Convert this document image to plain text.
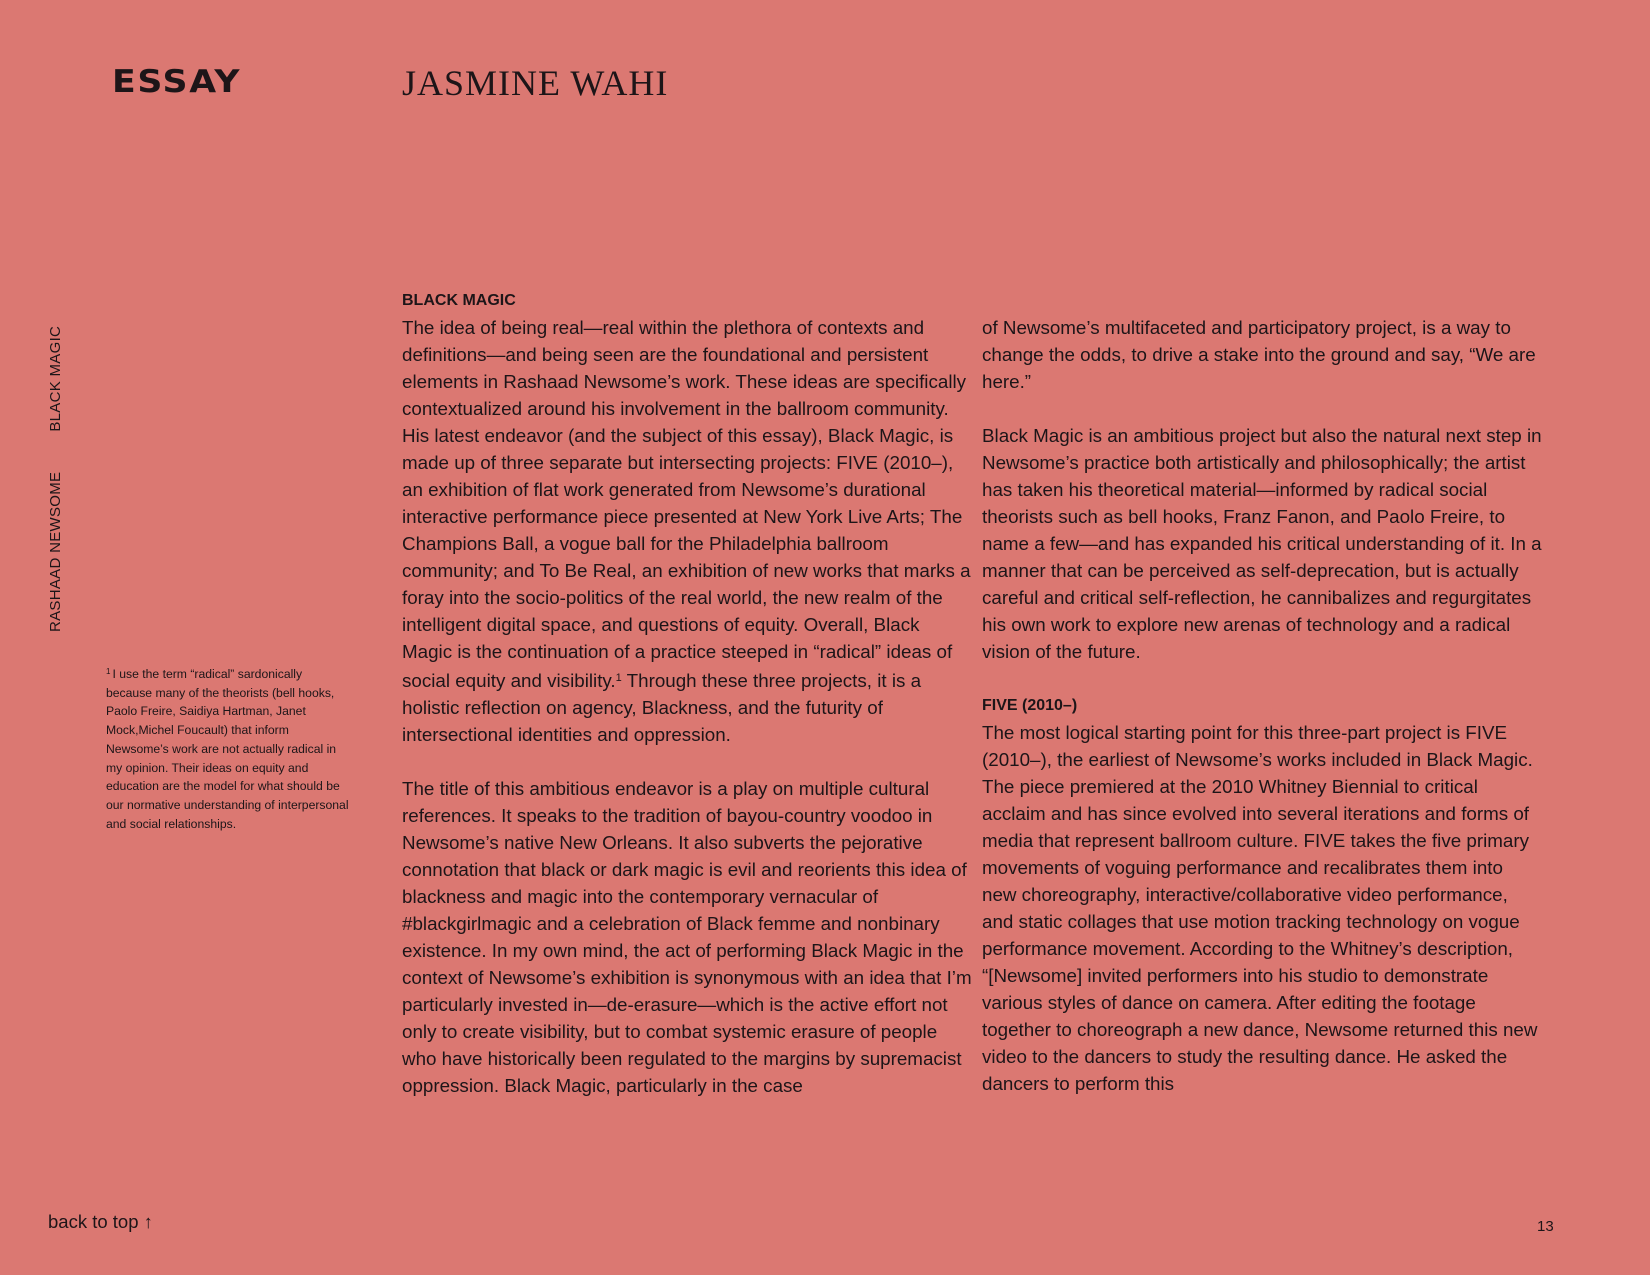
ESSAY	JASMINE WAHI
RASHAAD NEWSOME
BLACK MAGIC

$^1$ I use the term “radical” sardonically because many of the theorists (bell hooks, Paolo Freire, Saidiya Hartman, Janet Mock,Michel Foucault) that inform Newsome’s work are not actually radical in my opinion. Their ideas on equity and education are the model for what should be our normative understanding of interpersonal and social relationships.

BLACK MAGIC

The idea of being real—real within the plethora of contexts and definitions—and being seen are the foundational and persistent elements in Rashaad Newsome’s work. These ideas are specifically contextualized around his involvement in the ballroom community. His latest endeavor (and the subject of this essay), Black Magic, is made up of three separate but intersecting projects: FIVE (2010–), an exhibition of flat work generated from Newsome’s durational interactive performance piece presented at New York Live Arts; The Champions Ball, a vogue ball for the Philadelphia ballroom community; and To Be Real, an exhibition of new works that marks a foray into the socio-politics of the real world, the new realm of the intelligent digital space, and questions of equity. Overall, Black Magic is the continuation of a practice steeped in “radical” ideas of social equity and visibility.$^1$ Through these three projects, it is a holistic reflection on agency, Blackness, and the futurity of intersectional identities and oppression.

The title of this ambitious endeavor is a play on multiple cultural references. It speaks to the tradition of bayou-country voodoo in Newsome’s native New Orleans. It also subverts the pejorative connotation that black or dark magic is evil and reorients this idea of blackness and magic into the contemporary vernacular of #blackgirlmagic and a celebration of Black femme and nonbinary existence. In my own mind, the act of performing Black Magic in the context of Newsome’s exhibition is synonymous with an idea that I’m particularly invested in—de-erasure—which is the active effort not only to create visibility, but to combat systemic erasure of people who have historically been regulated to the margins by supremacist oppression. Black Magic, particularly in the case

of Newsome’s multifaceted and participatory project, is a way to change the odds, to drive a stake into the ground and say, “We are here.”

Black Magic is an ambitious project but also the natural next step in Newsome’s practice both artistically and philosophically; the artist has taken his theoretical material—informed by radical social theorists such as bell hooks, Franz Fanon, and Paolo Freire, to name a few—and has expanded his critical understanding of it. In a manner that can be perceived as self-deprecation, but is actually careful and critical self-reflection, he cannibalizes and regurgitates his own work to explore new arenas of technology and a radical vision of the future.

FIVE (2010–)

The most logical starting point for this three-part project is FIVE (2010–), the earliest of Newsome’s works included in Black Magic. The piece premiered at the 2010 Whitney Biennial to critical acclaim and has since evolved into several iterations and forms of media that represent ballroom culture. FIVE takes the five primary movements of voguing performance and recalibrates them into new choreography, interactive/collaborative video performance, and static collages that use motion tracking technology on vogue performance movement. According to the Whitney’s description, “[Newsome] invited performers into his studio to demonstrate various styles of dance on camera. After editing the footage together to choreograph a new dance, Newsome returned this new video to the dancers to study the resulting dance. He asked the dancers to perform this

back to top ↑	13
